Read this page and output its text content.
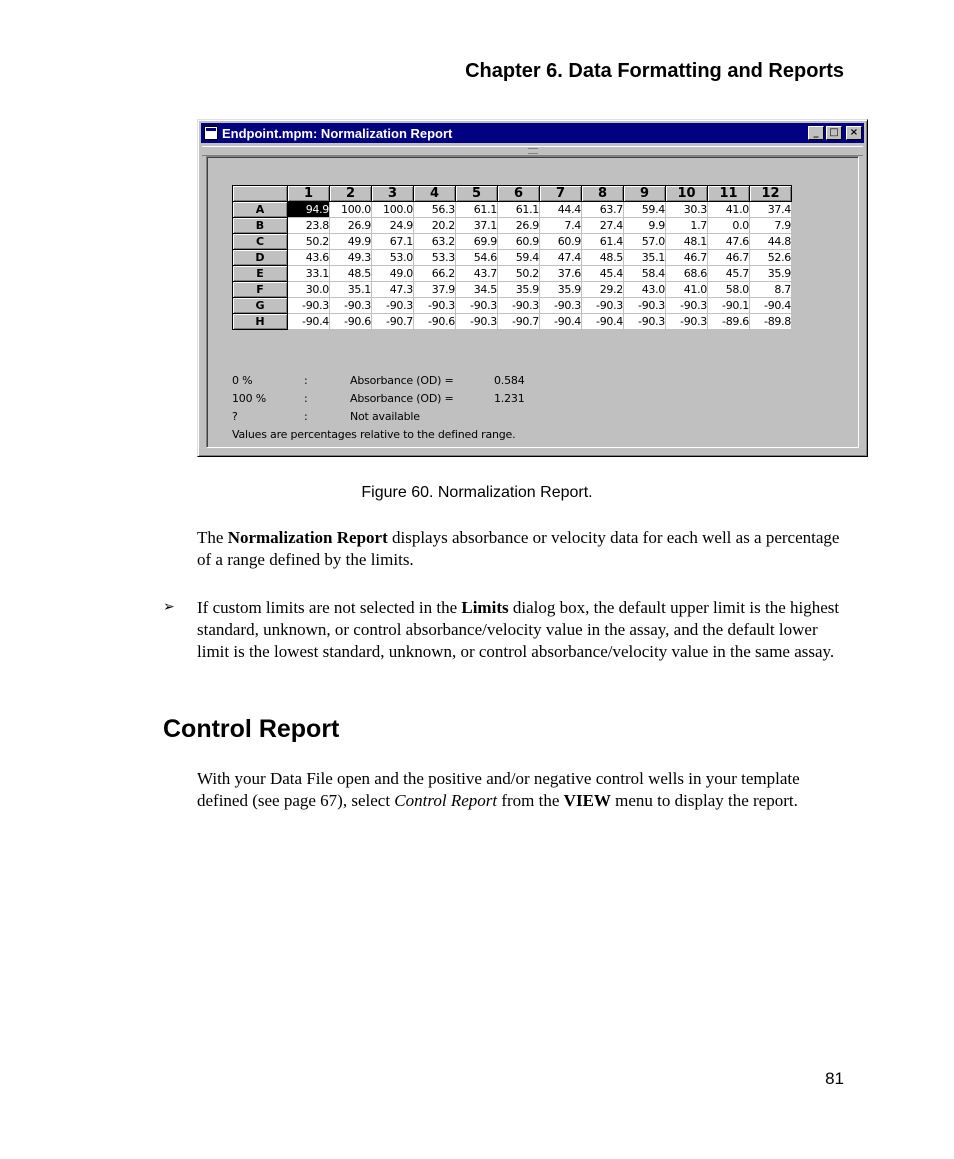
Chapter 6. Data Formatting and Reports
Endpoint.mpm: Normalization Report	_	□	×
	1	2	3	4	5	6	7	8	9	10	11	12
A	94.9	100.0	100.0	56.3	61.1	61.1	44.4	63.7	59.4	30.3	41.0	37.4
B	23.8	26.9	24.9	20.2	37.1	26.9	7.4	27.4	9.9	1.7	0.0	7.9
C	50.2	49.9	67.1	63.2	69.9	60.9	60.9	61.4	57.0	48.1	47.6	44.8
D	43.6	49.3	53.0	53.3	54.6	59.4	47.4	48.5	35.1	46.7	46.7	52.6
E	33.1	48.5	49.0	66.2	43.7	50.2	37.6	45.4	58.4	68.6	45.7	35.9
F	30.0	35.1	47.3	37.9	34.5	35.9	35.9	29.2	43.0	41.0	58.0	8.7
G	-90.3	-90.3	-90.3	-90.3	-90.3	-90.3	-90.3	-90.3	-90.3	-90.3	-90.1	-90.4
H	-90.4	-90.6	-90.7	-90.6	-90.3	-90.7	-90.4	-90.4	-90.3	-90.3	-89.6	-89.8
0 %	:	Absorbance (OD) =	0.584
100 %	:	Absorbance (OD) =	1.231
?	:	Not available
Values are percentages relative to the defined range.
Figure 60. Normalization Report.
The Normalization Report displays absorbance or velocity data for each well as a percentage of a range defined by the limits.
➢ If custom limits are not selected in the Limits dialog box, the default upper limit is the highest standard, unknown, or control absorbance/velocity value in the assay, and the default lower limit is the lowest standard, unknown, or control absorbance/velocity value in the same assay.
Control Report
With your Data File open and the positive and/or negative control wells in your template defined (see page 67), select Control Report from the VIEW menu to display the report.
81
